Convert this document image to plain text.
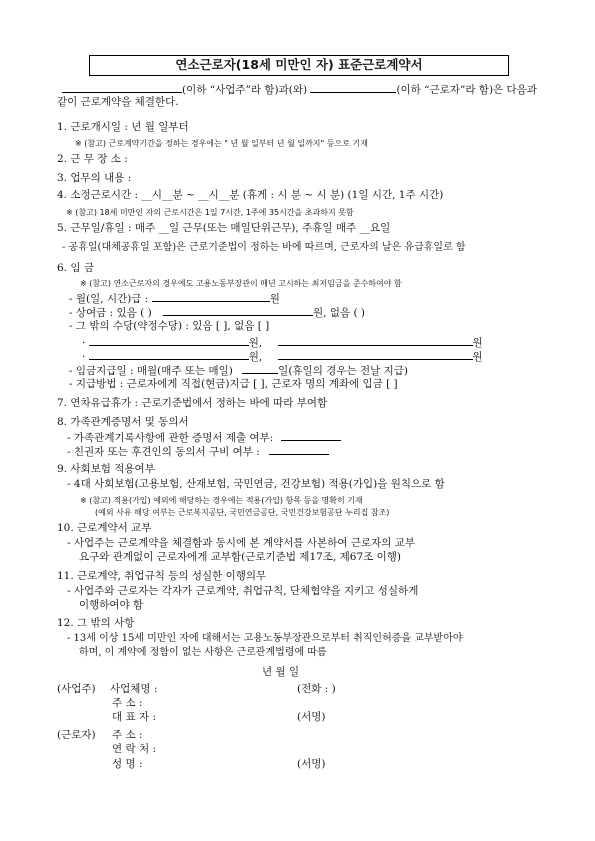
연소근로자(18세 미만인 자) 표준근로계약서
(이하 “사업주”라 함)과(와)	(이하 “근로자”라 함)은 다음과
같이 근로계약을 체결한다.
1. 근로개시일 : 년 월 일부터
※ (참고) 근로계약기간을 정하는 경우에는 " 년 월 일부터 년 월 일까지" 등으로 기재
2. 근 무 장 소 :
3. 업무의 내용 :
4. 소정근로시간 : __시__분 ~ __시__분 (휴게 : 시 분 ~ 시 분) (1일 시간, 1주 시간)
※ (참고) 18세 미만인 자의 근로시간은 1일 7시간, 1주에 35시간을 초과하지 못함
5. 근무일/휴일 : 매주 __일 근무(또는 매일단위근무), 주휴일 매주 __요일
- 공휴일(대체공휴일 포함)은 근로기준법이 정하는 바에 따르며, 근로자의 날은 유급휴일로 함
6. 임 금
※ (참고) 연소근로자의 경우에도 고용노동부장관이 매년 고시하는 최저임금을 준수하여야 함
- 월(일, 시간)급 :	원
- 상여금 : 있음 ( )	원, 없음 ( )
- 그 밖의 수당(약정수당) : 있음 [ ], 없음 [ ]
·	원,	원
·	원,	원
- 임금지급일 : 매월(매주 또는 매일)	일(휴일의 경우는 전날 지급)
- 지급방법 : 근로자에게 직접(현금)지급 [ ], 근로자 명의 계좌에 입금 [ ]
7. 연차유급휴가 : 근로기준법에서 정하는 바에 따라 부여함
8. 가족관계증명서 및 동의서
- 가족관계기록사항에 관한 증명서 제출 여부:
- 친권자 또는 후견인의 동의서 구비 여부 :
9. 사회보험 적용여부
- 4대 사회보험(고용보험, 산재보험, 국민연금, 건강보험) 적용(가입)을 원칙으로 함
※ (참고) 적용(가입) 예외에 해당하는 경우에는 적용(가입) 항목 등을 명확히 기재
(예외 사유 해당 여부는 근로복지공단, 국민연금공단, 국민건강보험공단 누리집 참조)
10. 근로계약서 교부
- 사업주는 근로계약을 체결함과 동시에 본 계약서를 사본하여 근로자의 교부
요구와 관계없이 근로자에게 교부함(근로기준법 제17조, 제67조 이행)
11. 근로계약, 취업규칙 등의 성실한 이행의무
- 사업주와 근로자는 각자가 근로계약, 취업규칙, 단체협약을 지키고 성실하게
이행하여야 함
12. 그 밖의 사항
- 13세 이상 15세 미만인 자에 대해서는 고용노동부장관으로부터 취직인허증을 교부받아야
하며, 이 계약에 정함이 없는 사항은 근로관계법령에 따름
년 월 일
(사업주) 사업체명 :	(전화 : )
주 소 :
대 표 자 :	(서명)
(근로자) 주 소 :
연 락 처 :
성 명 :	(서명)
